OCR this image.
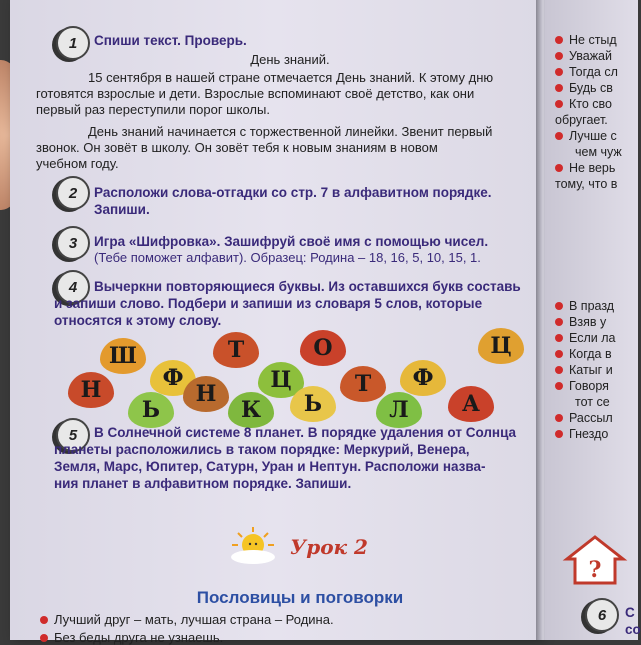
1 Спиши текст. Проверь.
День знаний.
15 сентября в нашей стране отмечается День знаний. К этому дню
готовятся взрослые и дети. Взрослые вспоминают своё детство, как они
первый раз переступили порог школы.
День знаний начинается с торжественной линейки. Звенит первый
звонок. Он зовёт в школу. Он зовёт тебя к новым знаниям в новом
учебном году.
2 Расположи слова-отгадки со стр. 7 в алфавитном порядке.
Запиши.
3 Игра «Шифровка». Зашифруй своё имя с помощью чисел.
(Тебе поможет алфавит). Образец: Родина – 18, 16, 5, 10, 15, 1.
4 Вычеркни повторяющиеся буквы. Из оставшихся букв составь
и запиши слово. Подбери и запиши из словаря 5 слов, которые
относятся к этому слову.
Ш	Т	О	Ц
Н	Ф
Н
Ц	Т Ф
Ь	К Ь	Л А
5 В Солнечной системе 8 планет. В порядке удаления от Солнца
планеты расположились в таком порядке: Меркурий, Венера,
Земля, Марс, Юпитер, Сатурн, Уран и Нептун. Расположи назва-
ния планет в алфавитном порядке. Запиши.
Урок 2
Пословицы и поговорки
Лучший друг – мать, лучшая страна – Родина.
Без беды друга не узнаешь.
Не стыд
Уважай
Тогда сл
Будь св
Кто сво
обругает.
Лучше с
чем чуж
Не верь
тому, что в
В празд
Взяв у
Если ла
Когда в
Катыг и
Говоря
тот се
Рассыл
Гнездо
?
6 С
со
